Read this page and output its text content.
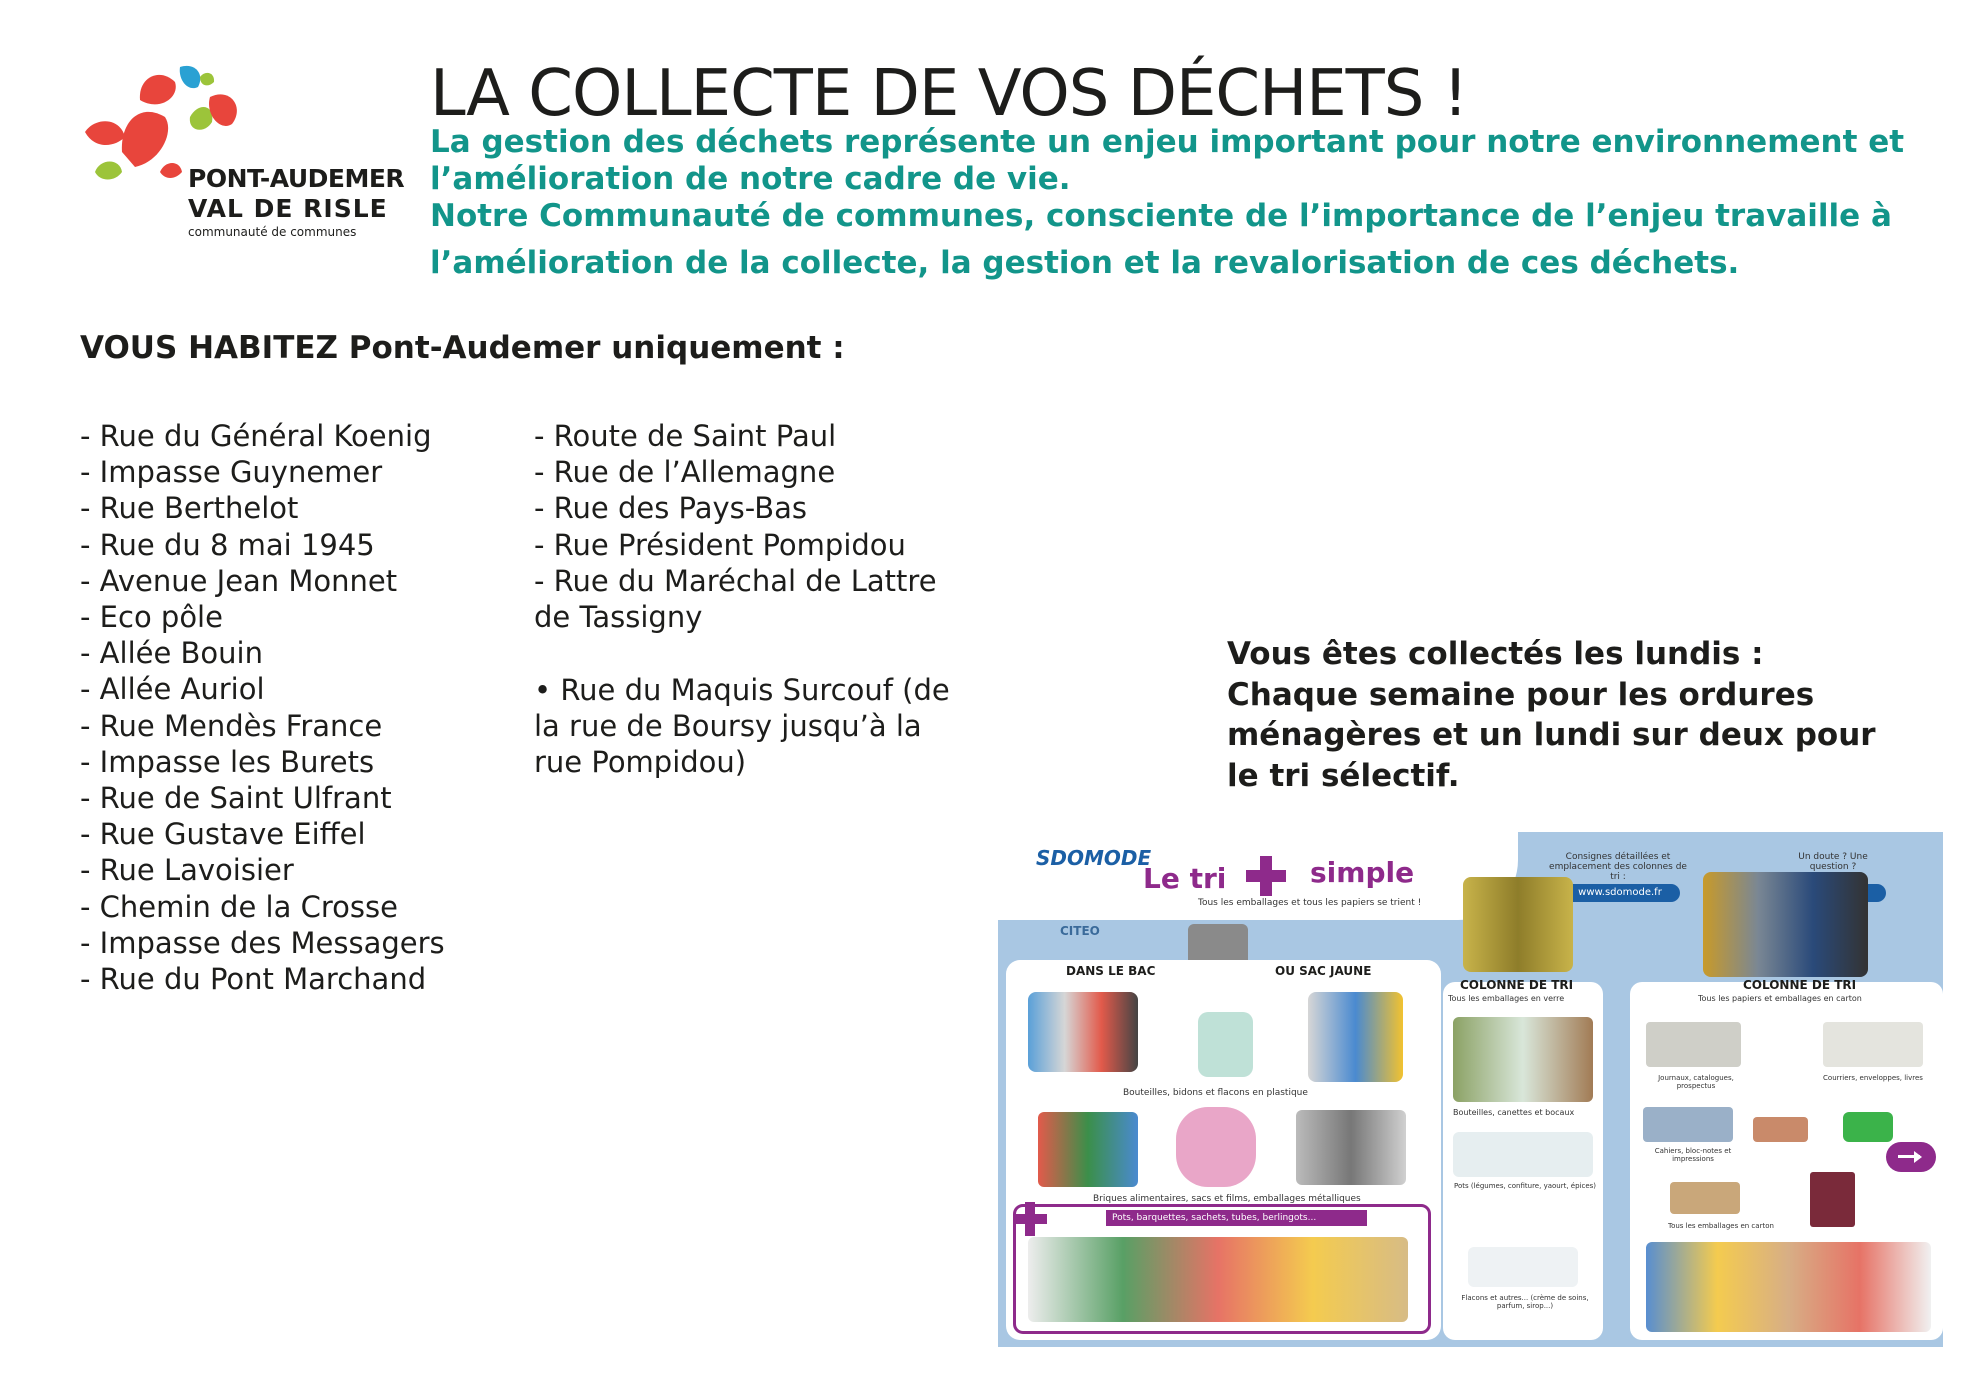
PONT-AUDEMER
VAL DE RISLE
communauté de communes
LA COLLECTE DE VOS DÉCHETS !

La gestion des déchets représente un enjeu important pour notre environnement et

l’amélioration de notre cadre de vie.

Notre Communauté de communes, consciente de l’importance de l’enjeu travaille à

l’amélioration de la collecte, la gestion et la revalorisation de ces déchets.

VOUS HABITEZ Pont-Audemer uniquement :
- Rue du Général Koenig
- Impasse Guynemer
- Rue Berthelot
- Rue du 8 mai 1945
- Avenue Jean Monnet
- Eco pôle
- Allée Bouin
- Allée Auriol
- Rue Mendès France
- Impasse les Burets
- Rue de Saint Ulfrant
- Rue Gustave Eiffel
- Rue Lavoisier
- Chemin de la Crosse
- Impasse des Messagers
- Rue du Pont Marchand
- Route de Saint Paul
- Rue de l’Allemagne
- Rue des Pays-Bas
- Rue Président Pompidou
- Rue du Maréchal de Lattre
de Tassigny
• Rue du Maquis Surcouf (de
la rue de Boursy jusqu’à la
rue Pompidou)
Vous êtes collectés les lundis :
Chaque semaine pour les ordures
ménagères et un lundi sur deux pour
le tri sélectif.
SDOMODE
Le tri	simple
Tous les emballages et tous les papiers se trient !
CITEO
Consignes détaillées et emplacement des colonnes de tri :
www.sdomode.fr
Un doute ? Une question ?
DANS LE BAC	OU SAC JAUNE
Bouteilles, bidons et flacons en plastique
Briques alimentaires, sacs et films, emballages métalliques
Pots, barquettes, sachets, tubes, berlingots...
COLONNE DE TRI
Tous les emballages en verre
Bouteilles, canettes et bocaux
Pots (légumes, confiture, yaourt, épices)
Flacons et autres... (crème de soins, parfum, sirop...)
COLONNE DE TRI
Tous les papiers et emballages en carton
Journaux, catalogues, prospectus
Courriers, enveloppes, livres
Cahiers, bloc-notes et impressions
Tous les emballages en carton
